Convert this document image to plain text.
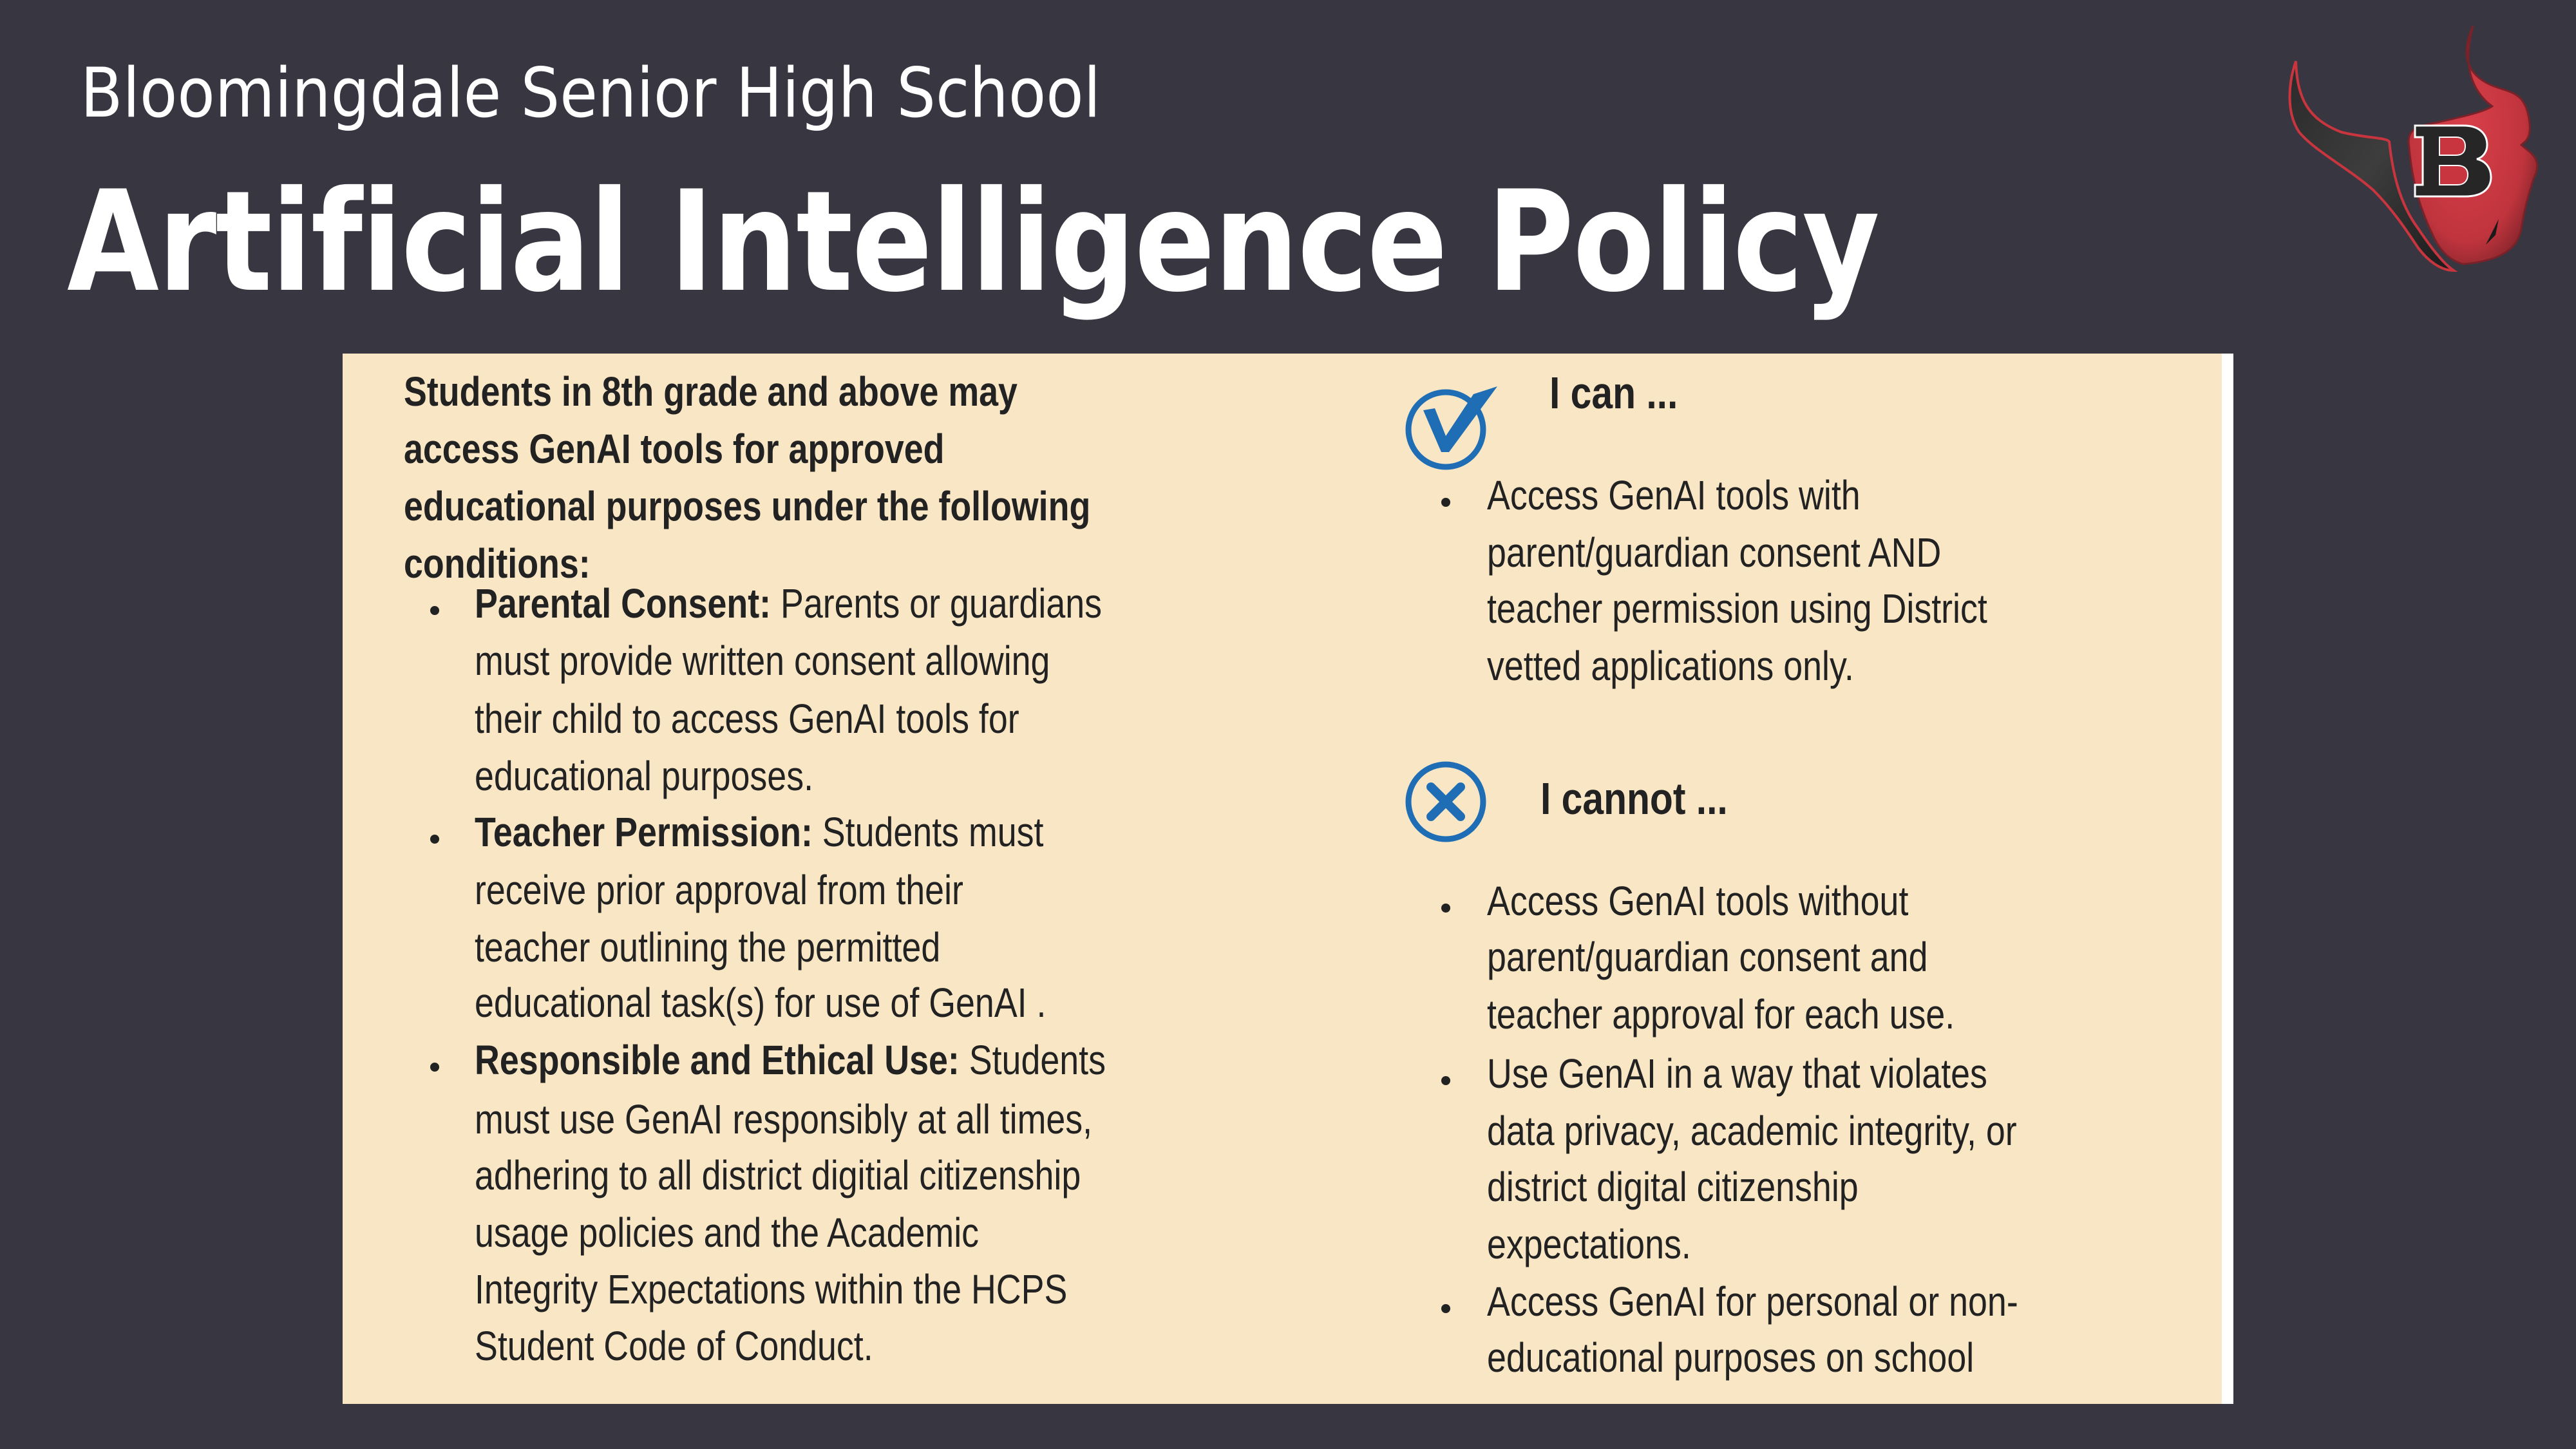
Bloomingdale Senior High School
Artificial Intelligence Policy
Students in 8th grade and above may
access GenAI tools for approved
educational purposes under the following
conditions:
Parental Consent: Parents or guardians
must provide written consent allowing
their child to access GenAI tools for
educational purposes.
Teacher Permission: Students must
receive prior approval from their
teacher outlining the permitted
educational task(s) for use of GenAI .
Responsible and Ethical Use: Students
must use GenAI responsibly at all times,
adhering to all district digitial citizenship
usage policies and the Academic
Integrity Expectations within the HCPS
Student Code of Conduct.
I can ...
Access GenAI tools with
parent/guardian consent AND
teacher permission using District
vetted applications only.
I cannot ...
Access GenAI tools without
parent/guardian consent and
teacher approval for each use.
Use GenAI in a way that violates
data privacy, academic integrity, or
district digital citizenship
expectations.
Access GenAI for personal or non-
educational purposes on school
